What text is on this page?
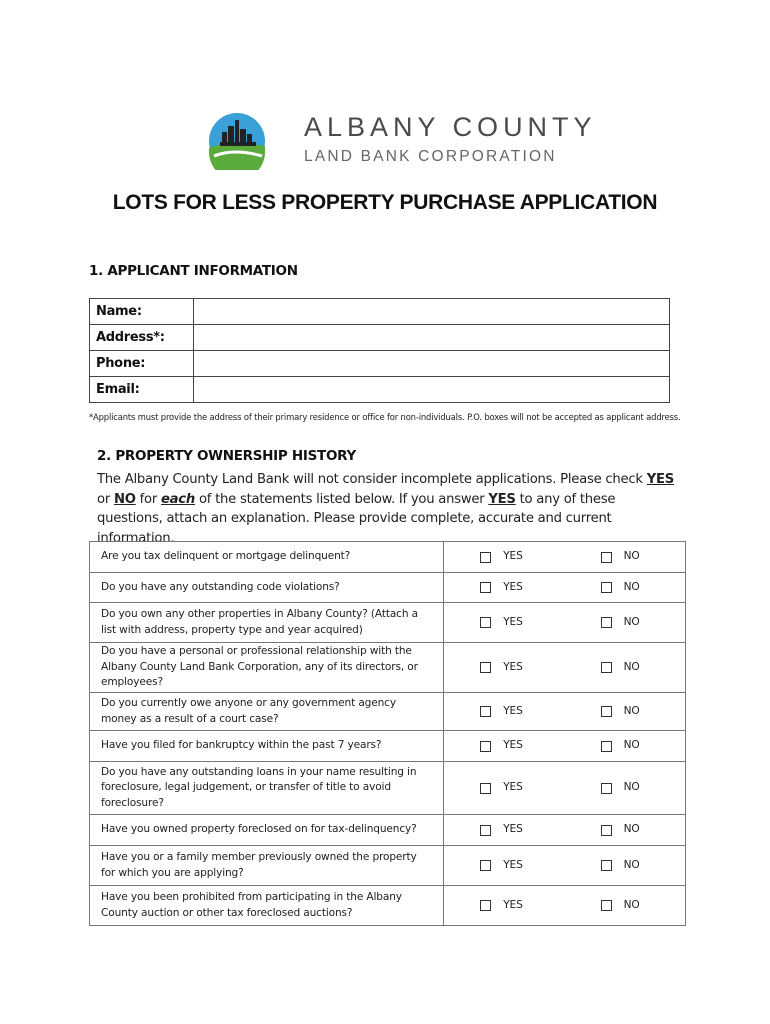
ALBANY COUNTY
LAND BANK CORPORATION
LOTS FOR LESS PROPERTY PURCHASE APPLICATION
1. APPLICANT INFORMATION
Name:	
Address*:	
Phone:	
Email:	
*Applicants must provide the address of their primary residence or office for non-individuals. P.O. boxes will not be accepted as applicant address.
2. PROPERTY OWNERSHIP HISTORY
The Albany County Land Bank will not consider incomplete applications. Please check YES or NO for each of the statements listed below. If you answer YES to any of these questions, attach an explanation. Please provide complete, accurate and current information.
Are you tax delinquent or mortgage delinquent?	YES	NO

Do you have any outstanding code violations?	YES	NO

Do you own any other properties in Albany County? (Attach a list with address, property type and year acquired)	YES	NO

Do you have a personal or professional relationship with the Albany County Land Bank Corporation, any of its directors, or employees?	YES	NO

Do you currently owe anyone or any government agency money as a result of a court case?	YES	NO

Have you filed for bankruptcy within the past 7 years?	YES	NO

Do you have any outstanding loans in your name resulting in foreclosure, legal judgement, or transfer of title to avoid foreclosure?	YES	NO

Have you owned property foreclosed on for tax-delinquency?	YES	NO

Have you or a family member previously owned the property for which you are applying?	YES	NO

Have you been prohibited from participating in the Albany County auction or other tax foreclosed auctions?	YES	NO
